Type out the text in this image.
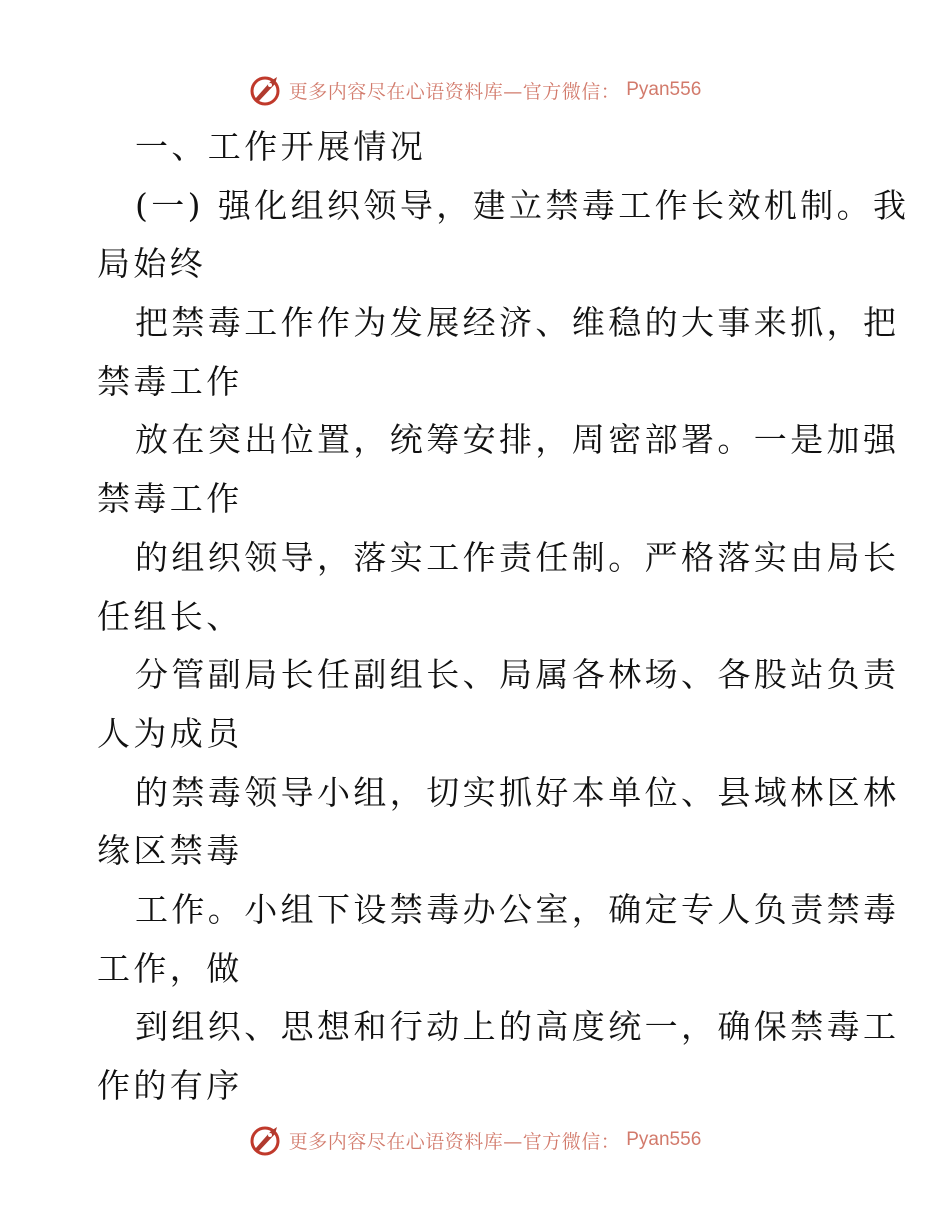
更多内容尽在心语资料库—官方微信： Pyan556
一、工作开展情况
(一) 强化组织领导，建立禁毒工作长效机制。我
局始终
把禁毒工作作为发展经济、维稳的大事来抓，把
禁毒工作
放在突出位置，统筹安排，周密部署。一是加强
禁毒工作
的组织领导，落实工作责任制。严格落实由局长
任组长、
分管副局长任副组长、局属各林场、各股站负责
人为成员
的禁毒领导小组，切实抓好本单位、县域林区林
缘区禁毒
工作。小组下设禁毒办公室，确定专人负责禁毒
工作，做
到组织、思想和行动上的高度统一，确保禁毒工
作的有序
更多内容尽在心语资料库—官方微信： Pyan556
